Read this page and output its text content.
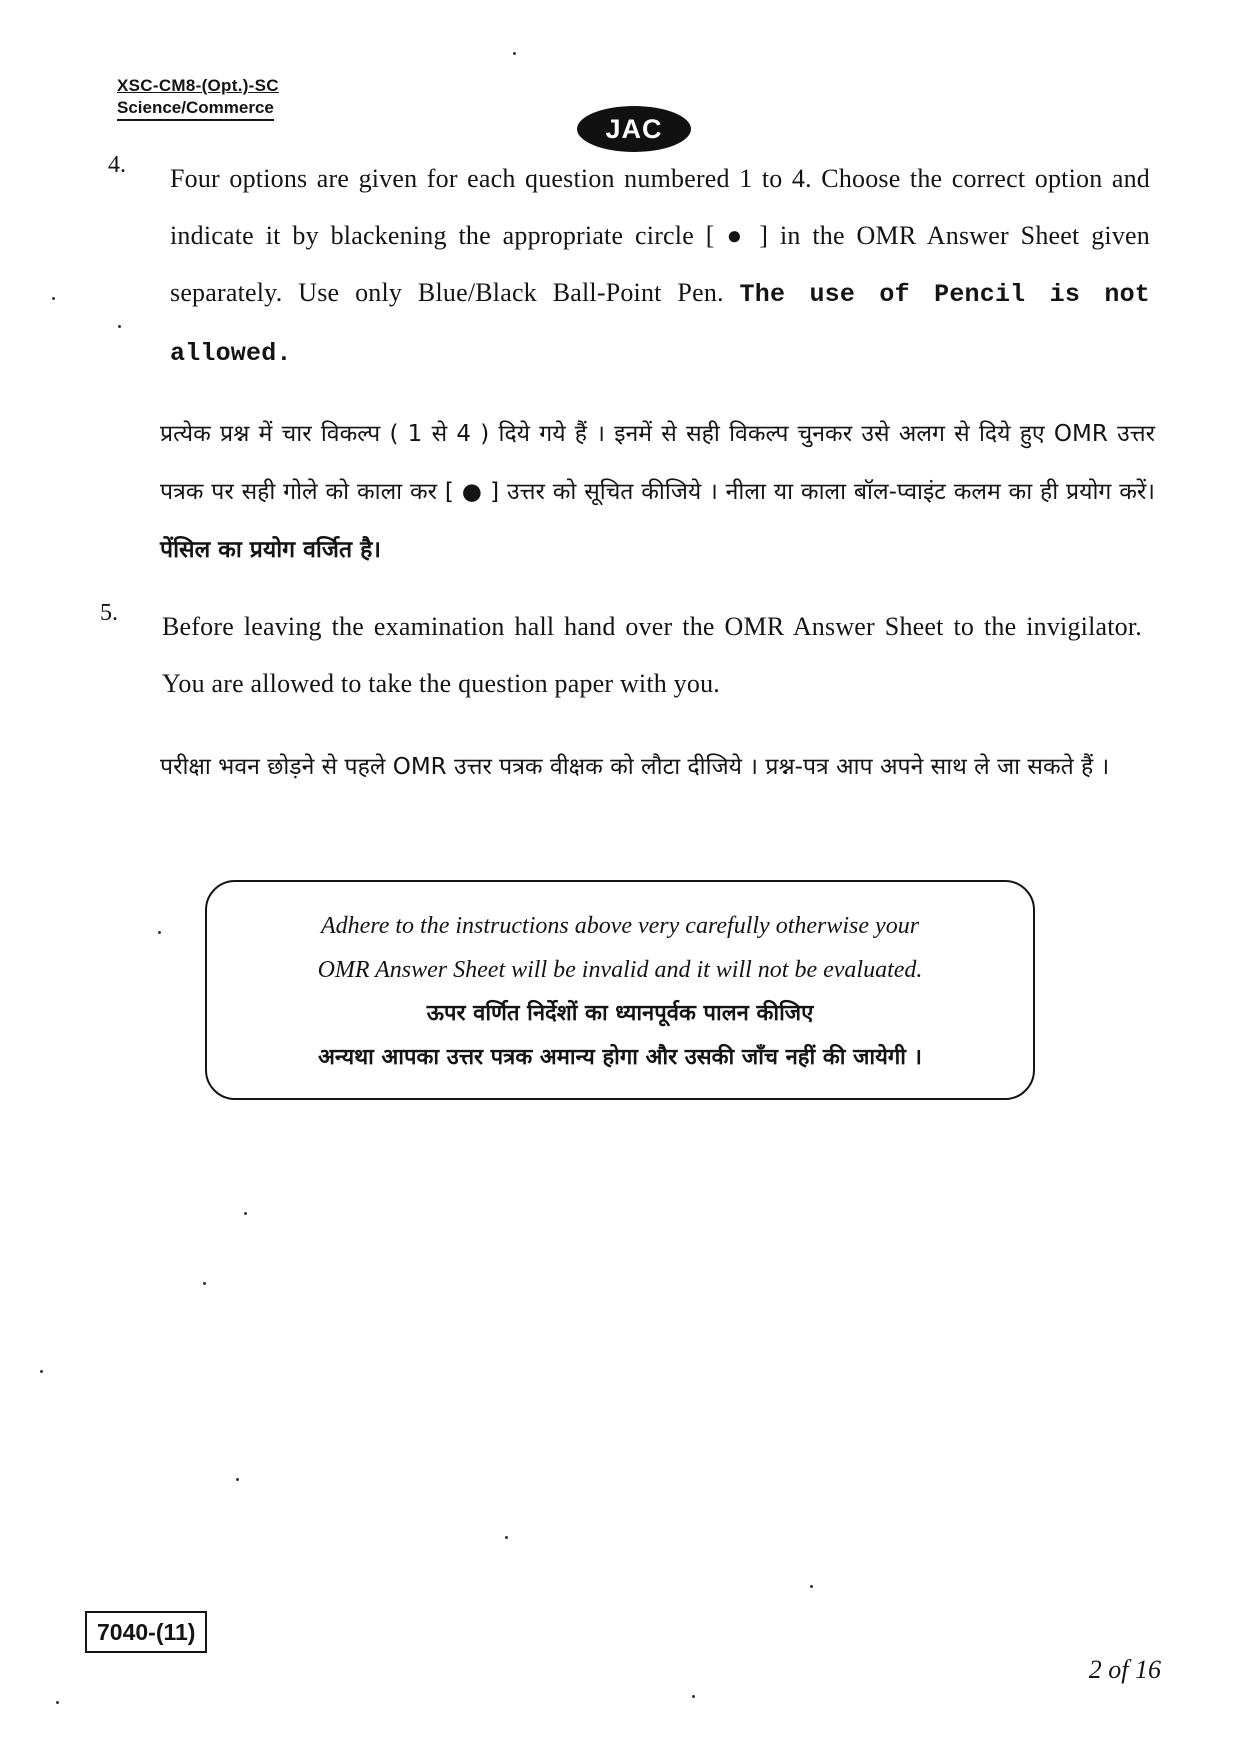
XSC-CM8-(Opt.)-SC
Science/Commerce
JAC
4. Four options are given for each question numbered 1 to 4. Choose the correct option and indicate it by blackening the appropriate circle [ ● ] in the OMR Answer Sheet given separately. Use only Blue/Black Ball-Point Pen. The use of Pencil is not allowed.
प्रत्येक प्रश्न में चार विकल्प ( 1 से 4 ) दिये गये हैं । इनमें से सही विकल्प चुनकर उसे अलग से दिये हुए OMR उत्तर पत्रक पर सही गोले को काला कर [ ● ] उत्तर को सूचित कीजिये । नीला या काला बॉल-प्वाइंट कलम का ही प्रयोग करें। पेंसिल का प्रयोग वर्जित है।
5. Before leaving the examination hall hand over the OMR Answer Sheet to the invigilator. You are allowed to take the question paper with you.
परीक्षा भवन छोड़ने से पहले OMR उत्तर पत्रक वीक्षक को लौटा दीजिये । प्रश्न-पत्र आप अपने साथ ले जा सकते हैं ।
Adhere to the instructions above very carefully otherwise your
OMR Answer Sheet will be invalid and it will not be evaluated.
ऊपर वर्णित निर्देशों का ध्यानपूर्वक पालन कीजिए
अन्यथा आपका उत्तर पत्रक अमान्य होगा और उसकी जाँच नहीं की जायेगी ।
7040-(11)
2 of 16
